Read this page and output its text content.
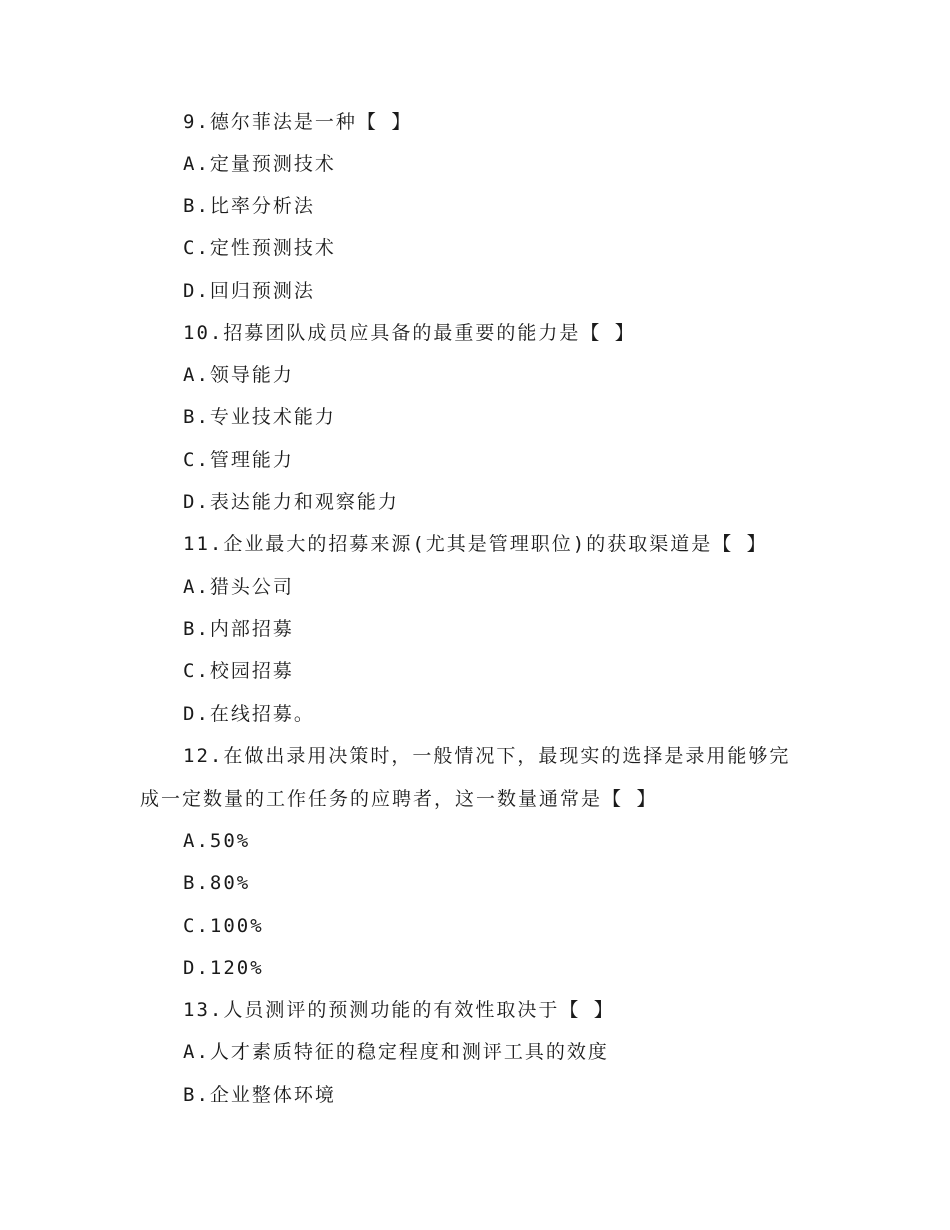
9.德尔菲法是一种【 】
A.定量预测技术
B.比率分析法
C.定性预测技术
D.回归预测法
10.招募团队成员应具备的最重要的能力是【 】
A.领导能力
B.专业技术能力
C.管理能力
D.表达能力和观察能力
11.企业最大的招募来源(尤其是管理职位)的获取渠道是【 】
A.猎头公司
B.内部招募
C.校园招募
D.在线招募。
12.在做出录用决策时，一般情况下，最现实的选择是录用能够完
成一定数量的工作任务的应聘者，这一数量通常是【 】
A.50%
B.80%
C.100%
D.120%
13.人员测评的预测功能的有效性取决于【 】
A.人才素质特征的稳定程度和测评工具的效度
B.企业整体环境
